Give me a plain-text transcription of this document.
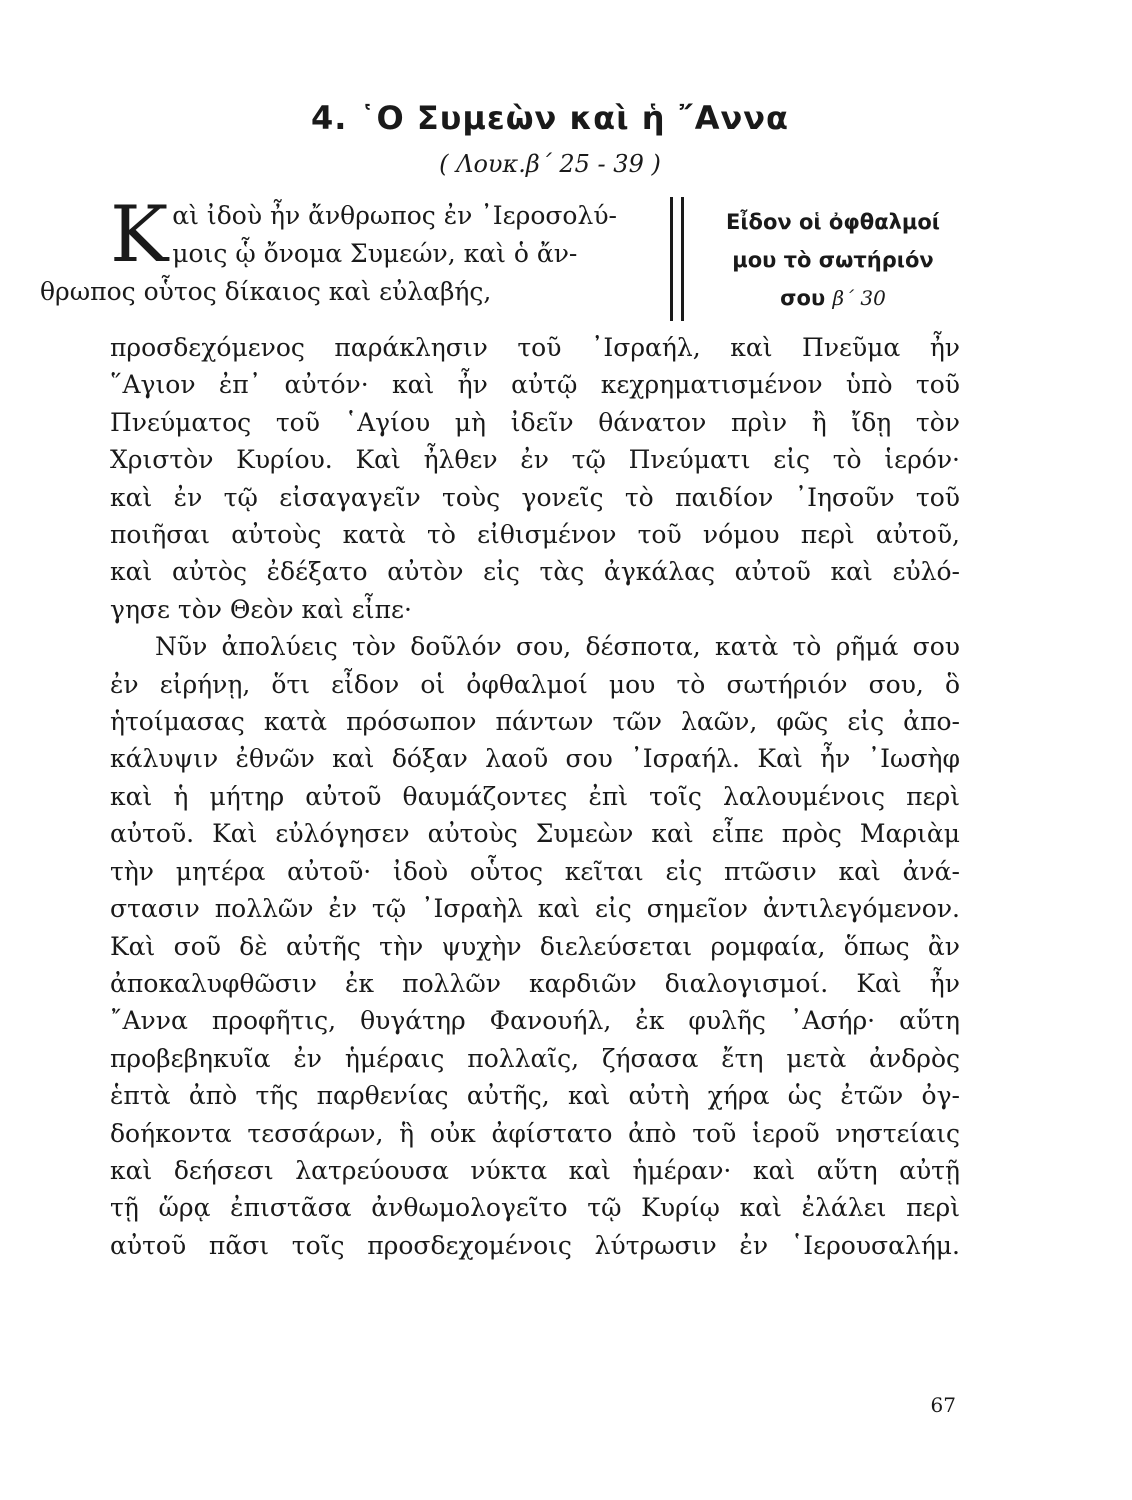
4. ῾Ο Συμεὼν καὶ ἡ ῎Αννα
( Λουκ.β΄ 25 - 39 )
Κ αὶ ἰδοὺ ἦν ἄνθρωπος ἐν ᾿Ιεροσολύ-
μοις ᾧ ὄνομα Συμεών, καὶ ὁ ἄν-
θρωπος οὗτος δίκαιος καὶ εὐλαβής,
Εἶδον οἱ ὀφθαλμοί
μου τὸ σωτήριόν
σου β΄ 30
προσδεχόμενος παράκλησιν τοῦ ᾿Ισραήλ, καὶ Πνεῦμα ἦν
῞Αγιον ἐπ᾿ αὐτόν· καὶ ἦν αὐτῷ κεχρηματισμένον ὑπὸ τοῦ
Πνεύματος τοῦ ῾Αγίου μὴ ἰδεῖν θάνατον πρὶν ἢ ἴδῃ τὸν
Χριστὸν Κυρίου. Καὶ ἦλθεν ἐν τῷ Πνεύματι εἰς τὸ ἱερόν·
καὶ ἐν τῷ εἰσαγαγεῖν τοὺς γονεῖς τὸ παιδίον ᾿Ιησοῦν τοῦ
ποιῆσαι αὐτοὺς κατὰ τὸ εἰθισμένον τοῦ νόμου περὶ αὐτοῦ,
καὶ αὐτὸς ἐδέξατο αὐτὸν εἰς τὰς ἀγκάλας αὐτοῦ καὶ εὐλό-
γησε τὸν Θεὸν καὶ εἶπε·
Νῦν ἀπολύεις τὸν δοῦλόν σου, δέσποτα, κατὰ τὸ ρῆμά σου
ἐν εἰρήνῃ, ὅτι εἶδον οἱ ὀφθαλμοί μου τὸ σωτήριόν σου, ὃ
ἡτοίμασας κατὰ πρόσωπον πάντων τῶν λαῶν, φῶς εἰς ἀπο-
κάλυψιν ἐθνῶν καὶ δόξαν λαοῦ σου ᾿Ισραήλ. Καὶ ἦν ᾿Ιωσὴφ
καὶ ἡ μήτηρ αὐτοῦ θαυμάζοντες ἐπὶ τοῖς λαλουμένοις περὶ
αὐτοῦ. Καὶ εὐλόγησεν αὐτοὺς Συμεὼν καὶ εἶπε πρὸς Μαριὰμ
τὴν μητέρα αὐτοῦ· ἰδοὺ οὗτος κεῖται εἰς πτῶσιν καὶ ἀνά-
στασιν πολλῶν ἐν τῷ ᾿Ισραὴλ καὶ εἰς σημεῖον ἀντιλεγόμενον.
Καὶ σοῦ δὲ αὐτῆς τὴν ψυχὴν διελεύσεται ρομφαία, ὅπως ἂν
ἀποκαλυφθῶσιν ἐκ πολλῶν καρδιῶν διαλογισμοί. Καὶ ἦν
῎Αννα προφῆτις, θυγάτηρ Φανουήλ, ἐκ φυλῆς ᾿Ασήρ· αὕτη
προβεβηκυῖα ἐν ἡμέραις πολλαῖς, ζήσασα ἔτη μετὰ ἀνδρὸς
ἑπτὰ ἀπὸ τῆς παρθενίας αὐτῆς, καὶ αὐτὴ χήρα ὡς ἐτῶν ὀγ-
δοήκοντα τεσσάρων, ἣ οὐκ ἀφίστατο ἀπὸ τοῦ ἱεροῦ νηστείαις
καὶ δεήσεσι λατρεύουσα νύκτα καὶ ἡμέραν· καὶ αὕτη αὐτῇ
τῇ ὥρᾳ ἐπιστᾶσα ἀνθωμολογεῖτο τῷ Κυρίῳ καὶ ἐλάλει περὶ
αὐτοῦ πᾶσι τοῖς προσδεχομένοις λύτρωσιν ἐν ῾Ιερουσαλήμ.
67
